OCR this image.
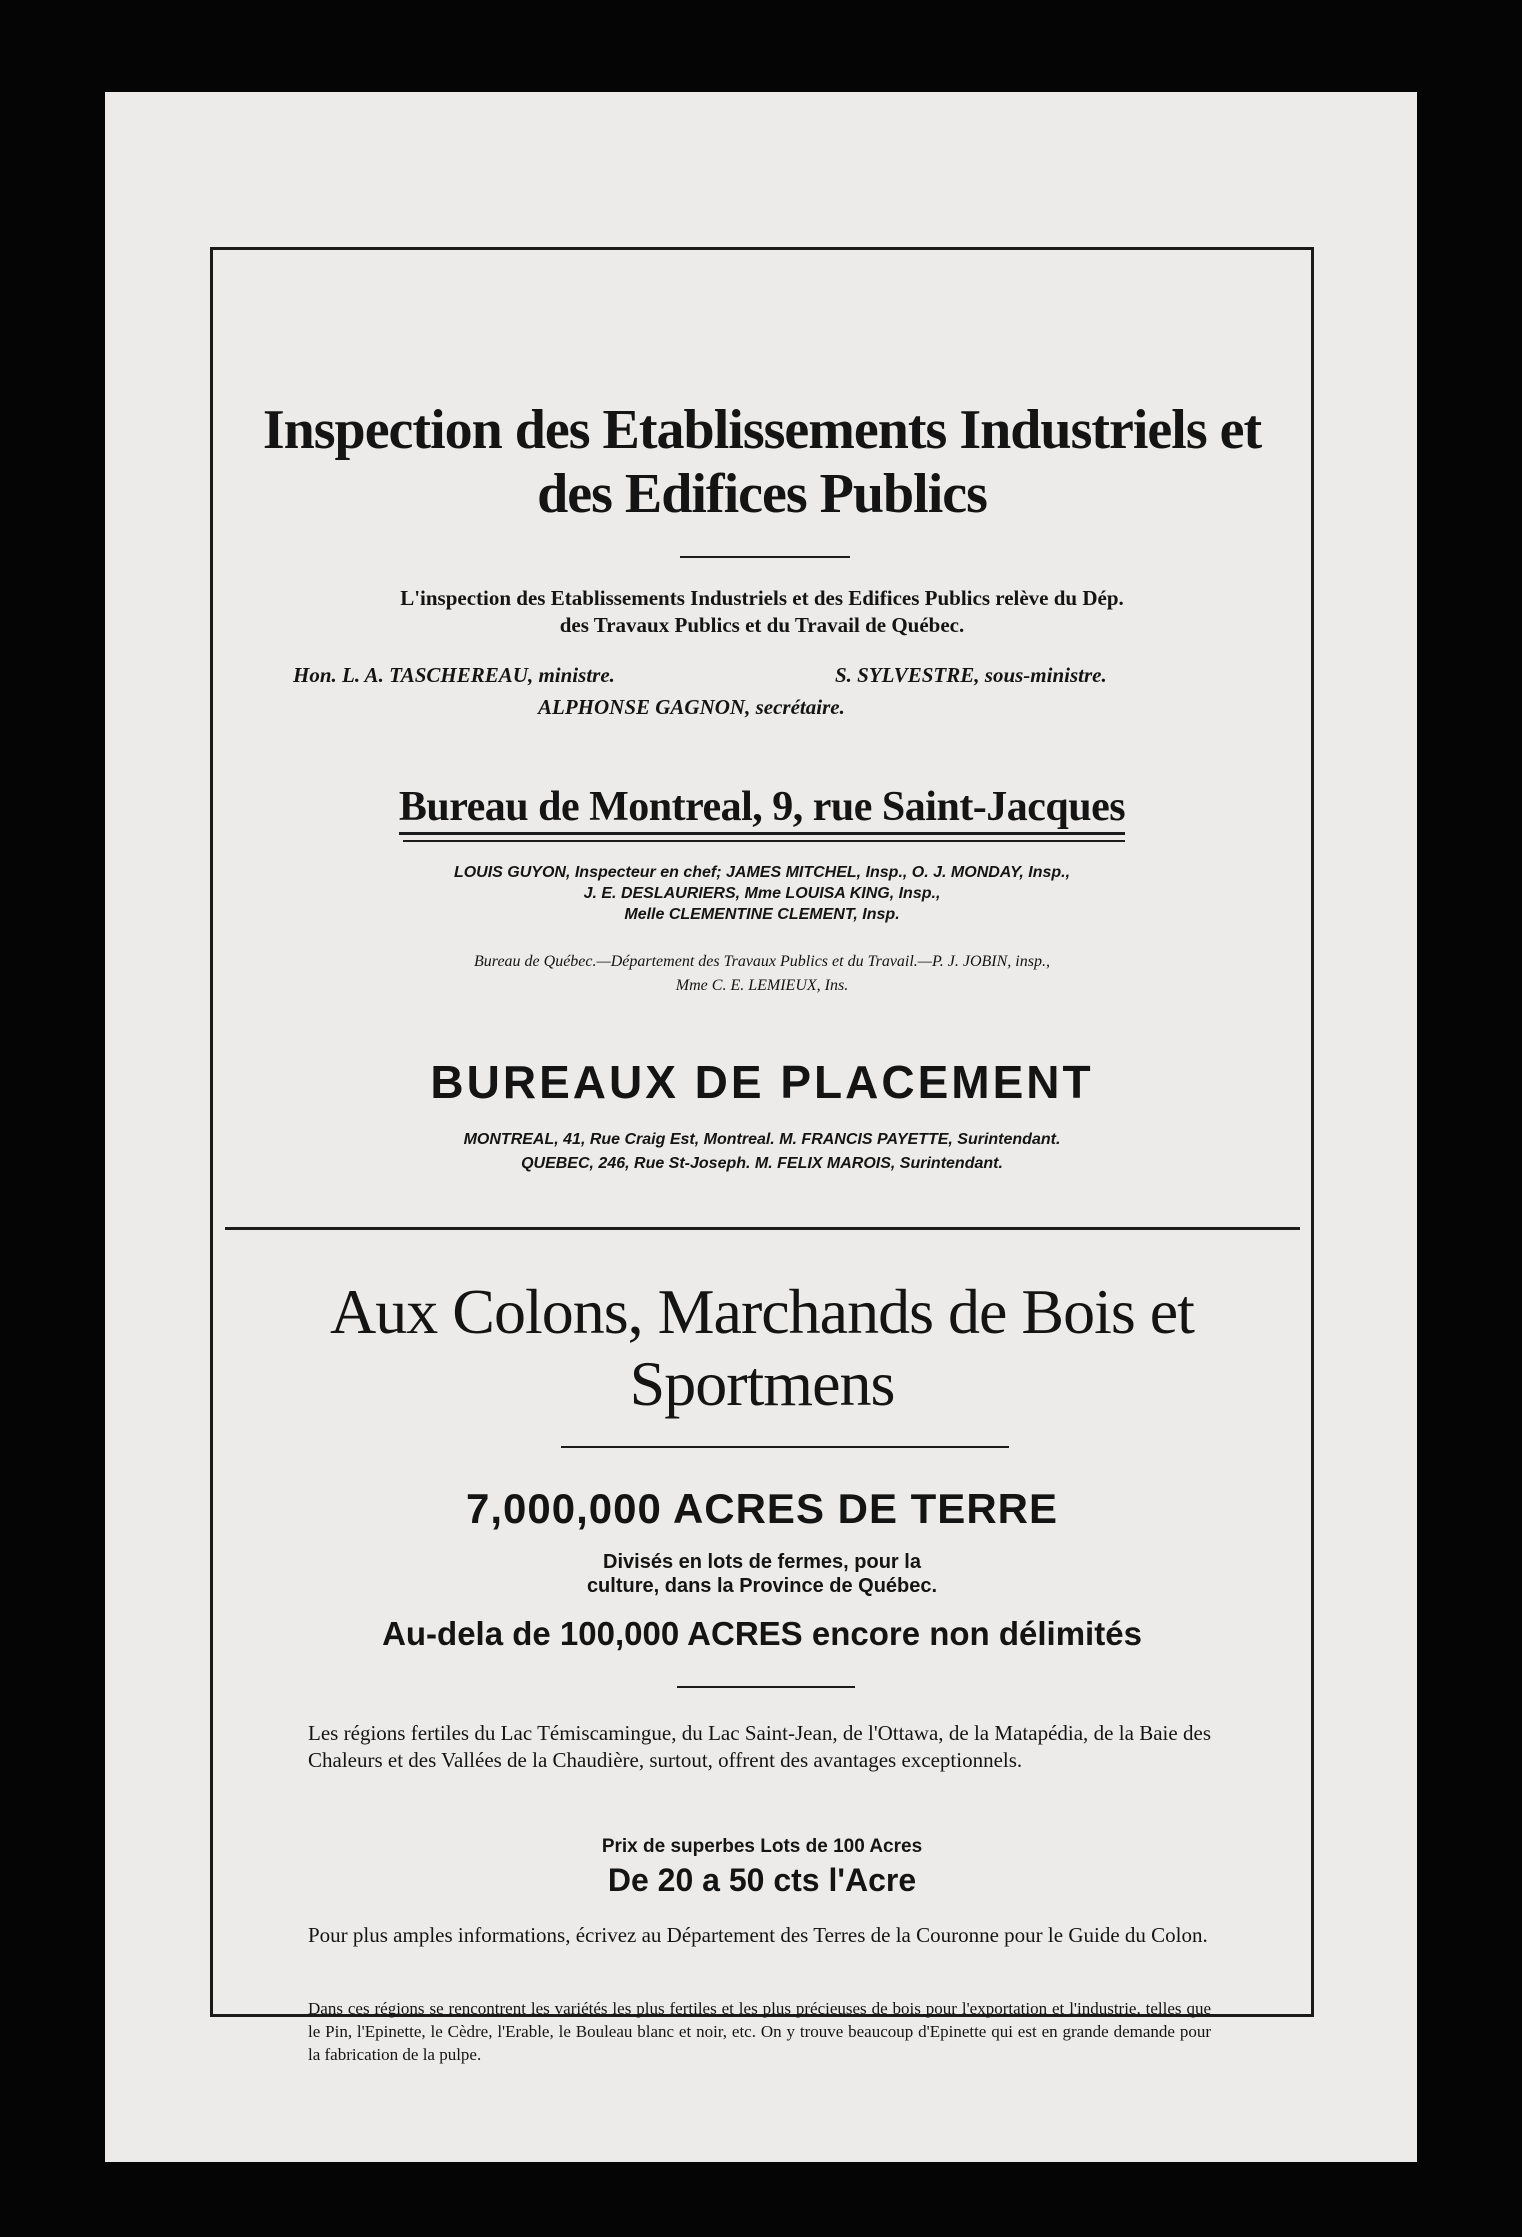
Inspection des Etablissements Industriels et
des Edifices Publics
L'inspection des Etablissements Industriels et des Edifices Publics relève du Dép.
des Travaux Publics et du Travail de Québec.
Hon. L. A. TASCHEREAU, ministre.	S. SYLVESTRE, sous-ministre.
ALPHONSE GAGNON, secrétaire.
Bureau de Montreal, 9, rue Saint-Jacques
LOUIS GUYON, Inspecteur en chef; JAMES MITCHEL, Insp., O. J. MONDAY, Insp.,
J. E. DESLAURIERS, Mme LOUISA KING, Insp.,
Melle CLEMENTINE CLEMENT, Insp.
Bureau de Québec.—Département des Travaux Publics et du Travail.—P. J. JOBIN, insp.,
Mme C. E. LEMIEUX, Ins.
BUREAUX DE PLACEMENT
MONTREAL, 41, Rue Craig Est, Montreal. M. FRANCIS PAYETTE, Surintendant.
QUEBEC, 246, Rue St-Joseph. M. FELIX MAROIS, Surintendant.
Aux Colons, Marchands de Bois et
Sportmens
7,000,000 ACRES DE TERRE
Divisés en lots de fermes, pour la
culture, dans la Province de Québec.
Au-dela de 100,000 ACRES encore non délimités
Les régions fertiles du Lac Témiscamingue, du Lac Saint-Jean, de l'Ottawa, de la Matapédia, de la Baie des Chaleurs et des Vallées de la Chaudière, surtout, offrent des avantages exceptionnels.
Prix de superbes Lots de 100 Acres
De 20 a 50 cts l'Acre
Pour plus amples informations, écrivez au Département des Terres de la Couronne pour le Guide du Colon.
Dans ces régions se rencontrent les variétés les plus fertiles et les plus précieuses de bois pour l'exportation et l'industrie, telles que le Pin, l'Epinette, le Cèdre, l'Erable, le Bouleau blanc et noir, etc. On y trouve beaucoup d'Epinette qui est en grande demande pour la fabrication de la pulpe.
